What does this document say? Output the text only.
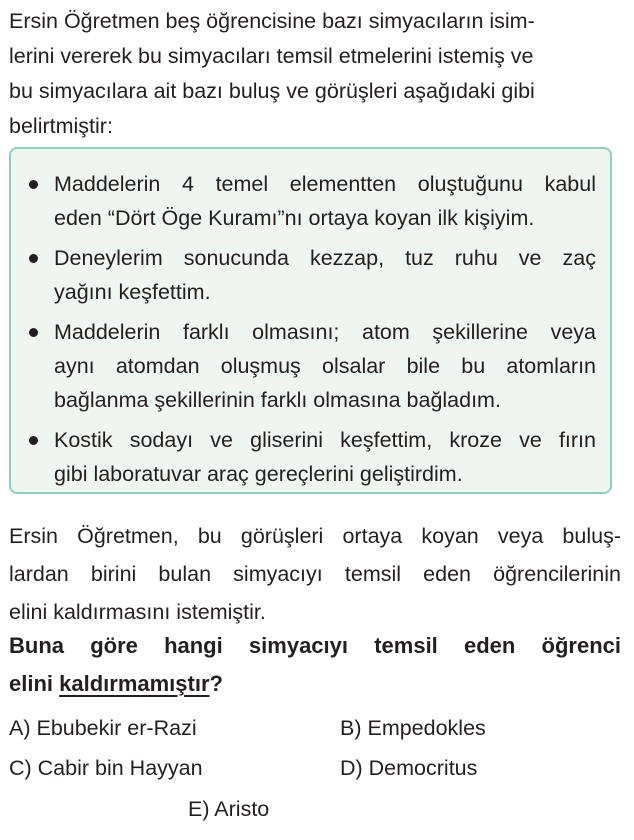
Ersin Öğretmen beş öğrencisine bazı simyacıların isim-
lerini vererek bu simyacıları temsil etmelerini istemiş ve
bu simyacılara ait bazı buluş ve görüşleri aşağıdaki gibi
belirtmiştir:
Maddelerin 4 temel elementten oluştuğunu kabul
eden “Dört Öge Kuramı”nı ortaya koyan ilk kişiyim.
Deneylerim sonucunda kezzap, tuz ruhu ve zaç
yağını keşfettim.
Maddelerin farklı olmasını; atom şekillerine veya
aynı atomdan oluşmuş olsalar bile bu atomların
bağlanma şekillerinin farklı olmasına bağladım.
Kostik sodayı ve gliserini keşfettim, kroze ve fırın
gibi laboratuvar araç gereçlerini geliştirdim.
Ersin Öğretmen, bu görüşleri ortaya koyan veya buluş-
lardan birini bulan simyacıyı temsil eden öğrencilerinin
elini kaldırmasını istemiştir.
Buna göre hangi simyacıyı temsil eden öğrenci
elini kaldırmamıştır?
A) Ebubekir er-Razi	B) Empedokles
C) Cabir bin Hayyan	D) Democritus
E) Aristo
